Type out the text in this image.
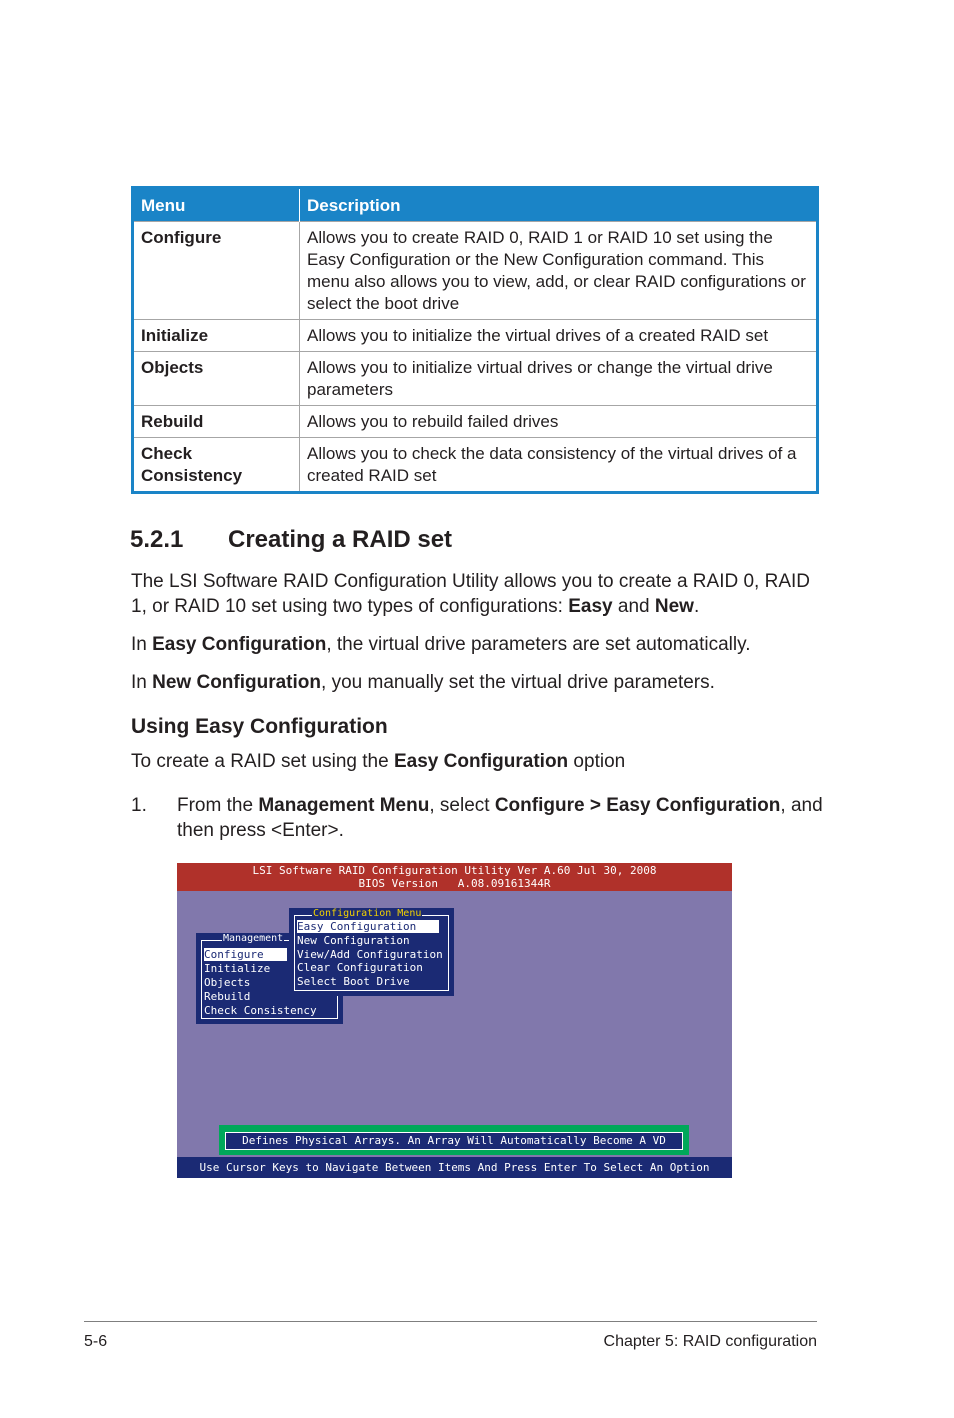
Menu	Description
Configure	Allows you to create RAID 0, RAID 1 or RAID 10 set using the Easy Configuration or the New Configuration command. This menu also allows you to view, add, or clear RAID configurations or select the boot drive
Initialize	Allows you to initialize the virtual drives of a created RAID set
Objects	Allows you to initialize virtual drives or change the virtual drive parameters
Rebuild	Allows you to rebuild failed drives
Check Consistency	Allows you to check the data consistency of the virtual drives of a created RAID set
5.2.1 Creating a RAID set

The LSI Software RAID Configuration Utility allows you to create a RAID 0, RAID 1, or RAID 10 set using two types of configurations: Easy and New.

In Easy Configuration, the virtual drive parameters are set automatically.

In New Configuration, you manually set the virtual drive parameters.

Using Easy Configuration

To create a RAID set using the Easy Configuration option

1. From the Management Menu, select Configure > Easy Configuration, and then press <Enter>.

LSI Software RAID Configuration Utility Ver A.60 Jul 30, 2008
BIOS Version   A.08.09161344R
Management
Configure
Initialize
Objects
Rebuild
Check Consistency
Configuration Menu
Easy Configuration
New Configuration
View/Add Configuration
Clear Configuration
Select Boot Drive
Defines Physical Arrays. An Array Will Automatically Become A VD
Use Cursor Keys to Navigate Between Items And Press Enter To Select An Option
5-6	Chapter 5: RAID configuration
